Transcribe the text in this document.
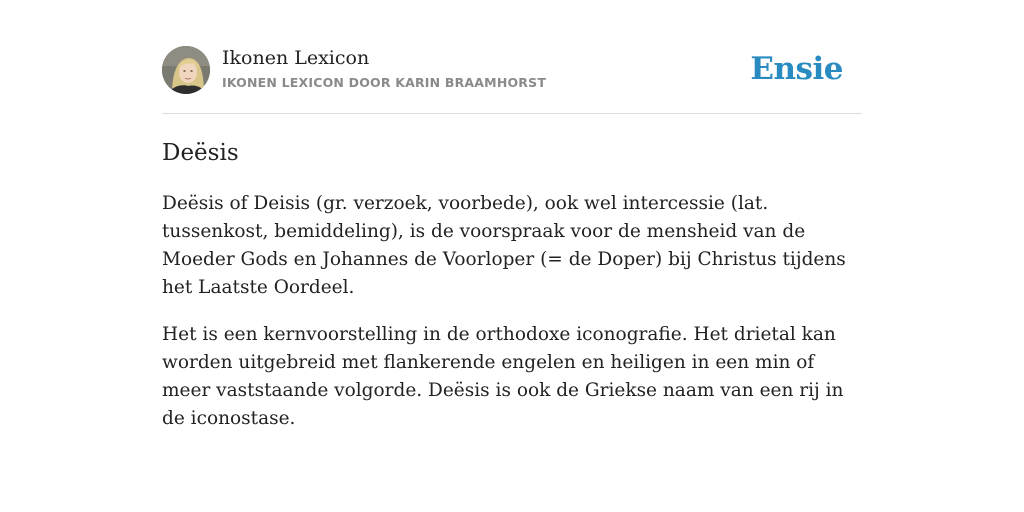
Ikonen Lexicon
IKONEN LEXICON DOOR KARIN BRAAMHORST	Ensie
Deësis

Deësis of Deisis (gr. verzoek, voorbede), ook wel intercessie (lat. tussenkost, bemiddeling), is de voorspraak voor de mensheid van de Moeder Gods en Johannes de Voorloper (= de Doper) bij Christus tijdens het Laatste Oordeel.

Het is een kernvoorstelling in de orthodoxe iconografie. Het drietal kan worden uitgebreid met flankerende engelen en heiligen in een min of meer vaststaande volgorde. Deësis is ook de Griekse naam van een rij in de iconostase.
